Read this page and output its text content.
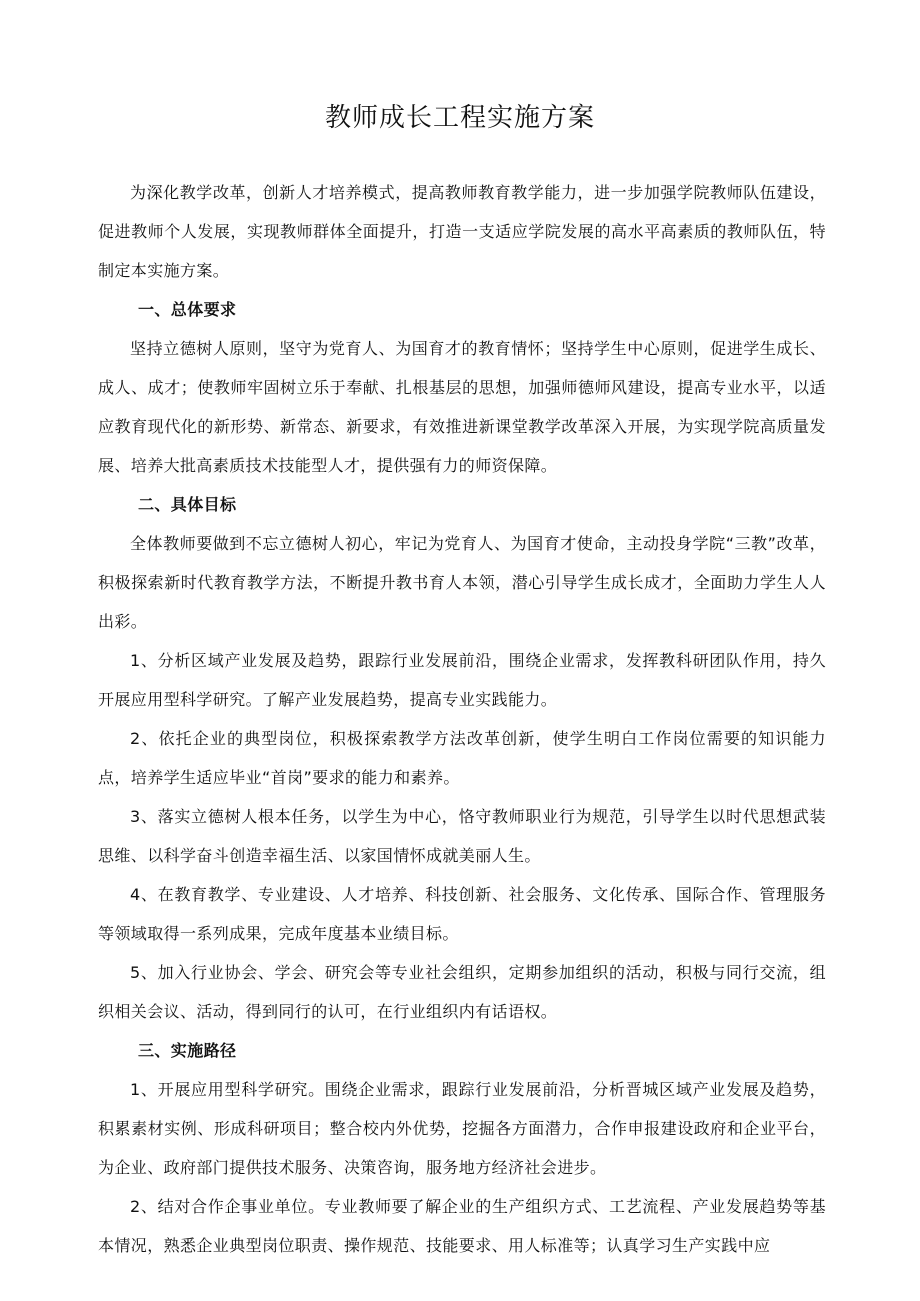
教师成长工程实施方案

为深化教学改革，创新人才培养模式，提高教师教育教学能力，进一步加强学院教师队伍建设，促进教师个人发展，实现教师群体全面提升，打造一支适应学院发展的高水平高素质的教师队伍，特制定本实施方案。

一、总体要求

坚持立德树人原则，坚守为党育人、为国育才的教育情怀；坚持学生中心原则，促进学生成长、成人、成才；使教师牢固树立乐于奉献、扎根基层的思想，加强师德师风建设，提高专业水平，以适应教育现代化的新形势、新常态、新要求，有效推进新课堂教学改革深入开展，为实现学院高质量发展、培养大批高素质技术技能型人才，提供强有力的师资保障。

二、具体目标

全体教师要做到不忘立德树人初心，牢记为党育人、为国育才使命，主动投身学院“三教”改革，积极探索新时代教育教学方法，不断提升教书育人本领，潜心引导学生成长成才，全面助力学生人人出彩。

1、分析区域产业发展及趋势，跟踪行业发展前沿，围绕企业需求，发挥教科研团队作用，持久开展应用型科学研究。了解产业发展趋势，提高专业实践能力。

2、依托企业的典型岗位，积极探索教学方法改革创新，使学生明白工作岗位需要的知识能力点，培养学生适应毕业“首岗”要求的能力和素养。

3、落实立德树人根本任务，以学生为中心，恪守教师职业行为规范，引导学生以时代思想武装思维、以科学奋斗创造幸福生活、以家国情怀成就美丽人生。

4、在教育教学、专业建设、人才培养、科技创新、社会服务、文化传承、国际合作、管理服务等领域取得一系列成果，完成年度基本业绩目标。

5、加入行业协会、学会、研究会等专业社会组织，定期参加组织的活动，积极与同行交流，组织相关会议、活动，得到同行的认可，在行业组织内有话语权。

三、实施路径

1、开展应用型科学研究。围绕企业需求，跟踪行业发展前沿，分析晋城区域产业发展及趋势，积累素材实例、形成科研项目；整合校内外优势，挖掘各方面潜力，合作申报建设政府和企业平台，为企业、政府部门提供技术服务、决策咨询，服务地方经济社会进步。

2、结对合作企事业单位。专业教师要了解企业的生产组织方式、工艺流程、产业发展趋势等基本情况，熟悉企业典型岗位职责、操作规范、技能要求、用人标准等；认真学习生产实践中应
